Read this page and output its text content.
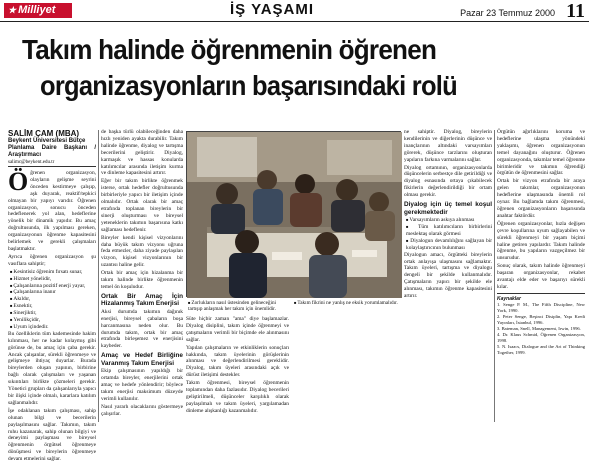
★ Milliyet	İŞ YAŞAMI	Pazar 23 Temmuz 2000 11
Takım halinde öğrenmenin öğrenen
organizasyonların başarısındaki rolü
SALİM ÇAM (MBA)
Beykent Üniversitesi Bütçe
Planlama Daire Başkanı / Araştırmacı
salimc@beykent.edu.tr

Öğrenen organizasyon, olayların gelişme seyrini önceden kestirmeye çalışıp, aşk duyarak, reaktif/tepkici olmayan bir yapıyı varıdır. Öğrenen organizasyon, sonucu önceden hedeflenerek yol alan, hedeflerine yönelik bir dinamik yapıdır. Bu amaç doğrultusunda, ilk yapılması gereken, organizasyonun öğrenme kapasitesini belirlemek ve gerekli çalışmaları başlatmaktır.

Ayrıca öğrenen organizasyon şu vasıflara sahiptir;

■ Kesintisiz öğrenim fırsatı sunar,
■ Hizmet yönelidir,
■ Çalışanlarına pozitif enerji yayar,
■ Çalışanlarına inanır
■ Akıldır,
■ Esnektir,
■ Sinerjiktir,
■ Yenilikçidir,
■ Uyum içindedir.

Bu özelliklerin tüm kademesinde hakim kılınması, her ne kadar kolaymış gibi görünse de, bu amaç için çaba gerekir. Ancak çalışanlar, sürekli öğrenmeye ve gelişmeye ihtiyaç duyarlar. Burada bireylerden oluşan yapının, birbirine bağlı olarak çalışmaları ve yaşanan sıkıntıları birlikte çözmeleri gerekir. Yönetici grupları da çalışanlarıyla yapıcı bir ilişki içinde olmalı, kararlara katılım sağlanmalıdır.

İşe odaklanan takım çalışması, sahip olunan bilgi ve becerilerin paylaşılmasını sağlar. Takımın, takım ruhu kazanarak, sahip olunan bilgiyi ve deneyimi paylaşması ve bireysel öğrenmenin örgütsel öğrenmeye dönüşmesi ve bireylerin öğrenmeye devam etmelerini sağlar.

de başka türlü olabileceğinden daha hızlı yeniden ayakta durabilir. Takım halinde öğrenme, diyalog ve tartışma becerilerini geliştirir. Diyalog, karmaşık ve hassas konularda katılımcılar arasında iletişim kurma ve dinleme kapasitesini artırır.

Eğer bir takım birlikte öğrenmek isterse, ortak hedefler doğrultusunda birbirleriyle yapıcı bir iletişim içinde olmalıdır. Ortak olarak bir amaç etrafında toplanan bireylerin bir sinerji oluşturması ve bireysel yeteneklerin takımın başarısına katkı sağlaması hedeflenir.

Bireyler kendi kişisel vizyonlarını daha büyük takım vizyonu uğruna feda etmezler, daha ziyade paylaşılan vizyon, kişisel vizyonlarının bir uzantısı haline gelir.

Ortak bir amaç için hizalanma bir takım halinde birlikte öğrenmenin temel ön koşuludur.

Ortak Bir Amaç İçin Hizalanmış Takım Enerjisi

Aksi durumda takımın dağınık enerjisi, bireysel çabaların boşa harcanmasına neden olur. Bu durumda takım, ortak bir amaç etrafında birleşemez ve enerjisini kaybeder.

Amaç ve Hedef Birliğine Varanmış Takım Enerjisi

Ekip çalışmasının yapıldığı bir ortamda bireyler, enerjilerini ortak amaç ve hedefe yönlendirir; böylece takım enerjisi maksimum düzeyde verimli kullanılır.

Nasıl yararlı olacaklarını göstermeye çalışırlar.

■ Zorlukların nasıl üstesinden gelineceğini tartışıp anlaşmak her takım için önemlidir.
■ Takım fikrini ne yanlış ne eksik yorumlamalıdır.

Süte hiçbir zaman "ama" diye başlamazlar. Diyalog disiplini, takım içinde öğrenmeyi ve çatışmaların verimli bir biçimde ele alınmasını sağlar.

Yapılan çalışmaların ve etkinliklerin sonuçları hakkında, takım üyelerinin görüşlerinin alınması ve değerlendirilmesi gereklidir. Diyalog, takım üyeleri arasındaki açık ve dürüst iletişimi destekler.

Takım öğrenmesi, bireysel öğrenmenin toplamından daha fazlasıdır. Diyalog becerileri geliştirilmeli, düşünceler karşılıklı olarak paylaşılmalı ve takım üyeleri, yargılamadan dinleme alışkanlığı kazanmalıdır.

ne sahiptir. Diyalog, bireylerin kendilerinin ve diğerlerinin düşünce ve inançlarının altındaki varsayımları görerek, düşünce tarzlarını oluşturan yapıların farkına varmalarını sağlar.

Diyalog ortamının, organizasyonlarda düşüncelerin serbestçe dile getirildiği ve diyalog esnasında ortaya çıkabilecek fikirlerin değerlendirildiği bir ortam olması gerekir.

Diyalog için üç temel koşul gerekmektedir
■ Varsayımların askıya alınması
■ Tüm katılımcıların birbirlerini meslektaş olarak görmesi
■ Diyalogun devamlılığını sağlayan bir kolaylaştırıcının bulunması

Diyalogun amacı, örgütteki bireylerin ortak anlayışa ulaşmasını sağlamaktır. Takım üyeleri, tartışma ve diyalogu dengeli bir şekilde kullanmalıdır. Çatışmaların yapıcı bir şekilde ele alınması, takımın öğrenme kapasitesini artırır.

Örgütün ağırlıklarını koruma ve hedeflerine ulaşma yönündeki yaklaşımı, öğrenen organizasyonun temel dayanağını oluşturur. Öğrenen organizasyonda, takımlar temel öğrenme birimleridir ve takımın öğrendiği örgütün de öğrenmesini sağlar.

Ortak bir vizyon etrafında bir araya gelen takımlar, organizasyonun hedeflerine ulaşmasında önemli rol oynar. Bu bağlamda takım öğrenmesi, öğrenen organizasyonların başarısında anahtar faktördür.

Öğrenen organizasyonlar, hızla değişen çevre koşullarına uyum sağlayabilen ve sürekli öğrenmeyi bir yaşam biçimi haline getiren yapılardır. Takım halinde öğrenme, bu yapıların vazgeçilmez bir unsurudur.

Sonuç olarak, takım halinde öğrenmeyi başaran organizasyonlar, rekabet avantajı elde eder ve başarıyı sürekli kılar.

Kaynaklar
1. Senge P. M., The Fifth Discipline, New York, 1990.
2. Peter Senge, Beşinci Disiplin, Yapı Kredi Yayınları, İstanbul, 1996.
3. Bateman, Snell, Management, Irwin, 1996.
4. Dr. Klaus Schmid, Öğrenen Organizasyon, 1998.
5. N. Isaacs, Dialogue and the Art of Thinking Together, 1999.
